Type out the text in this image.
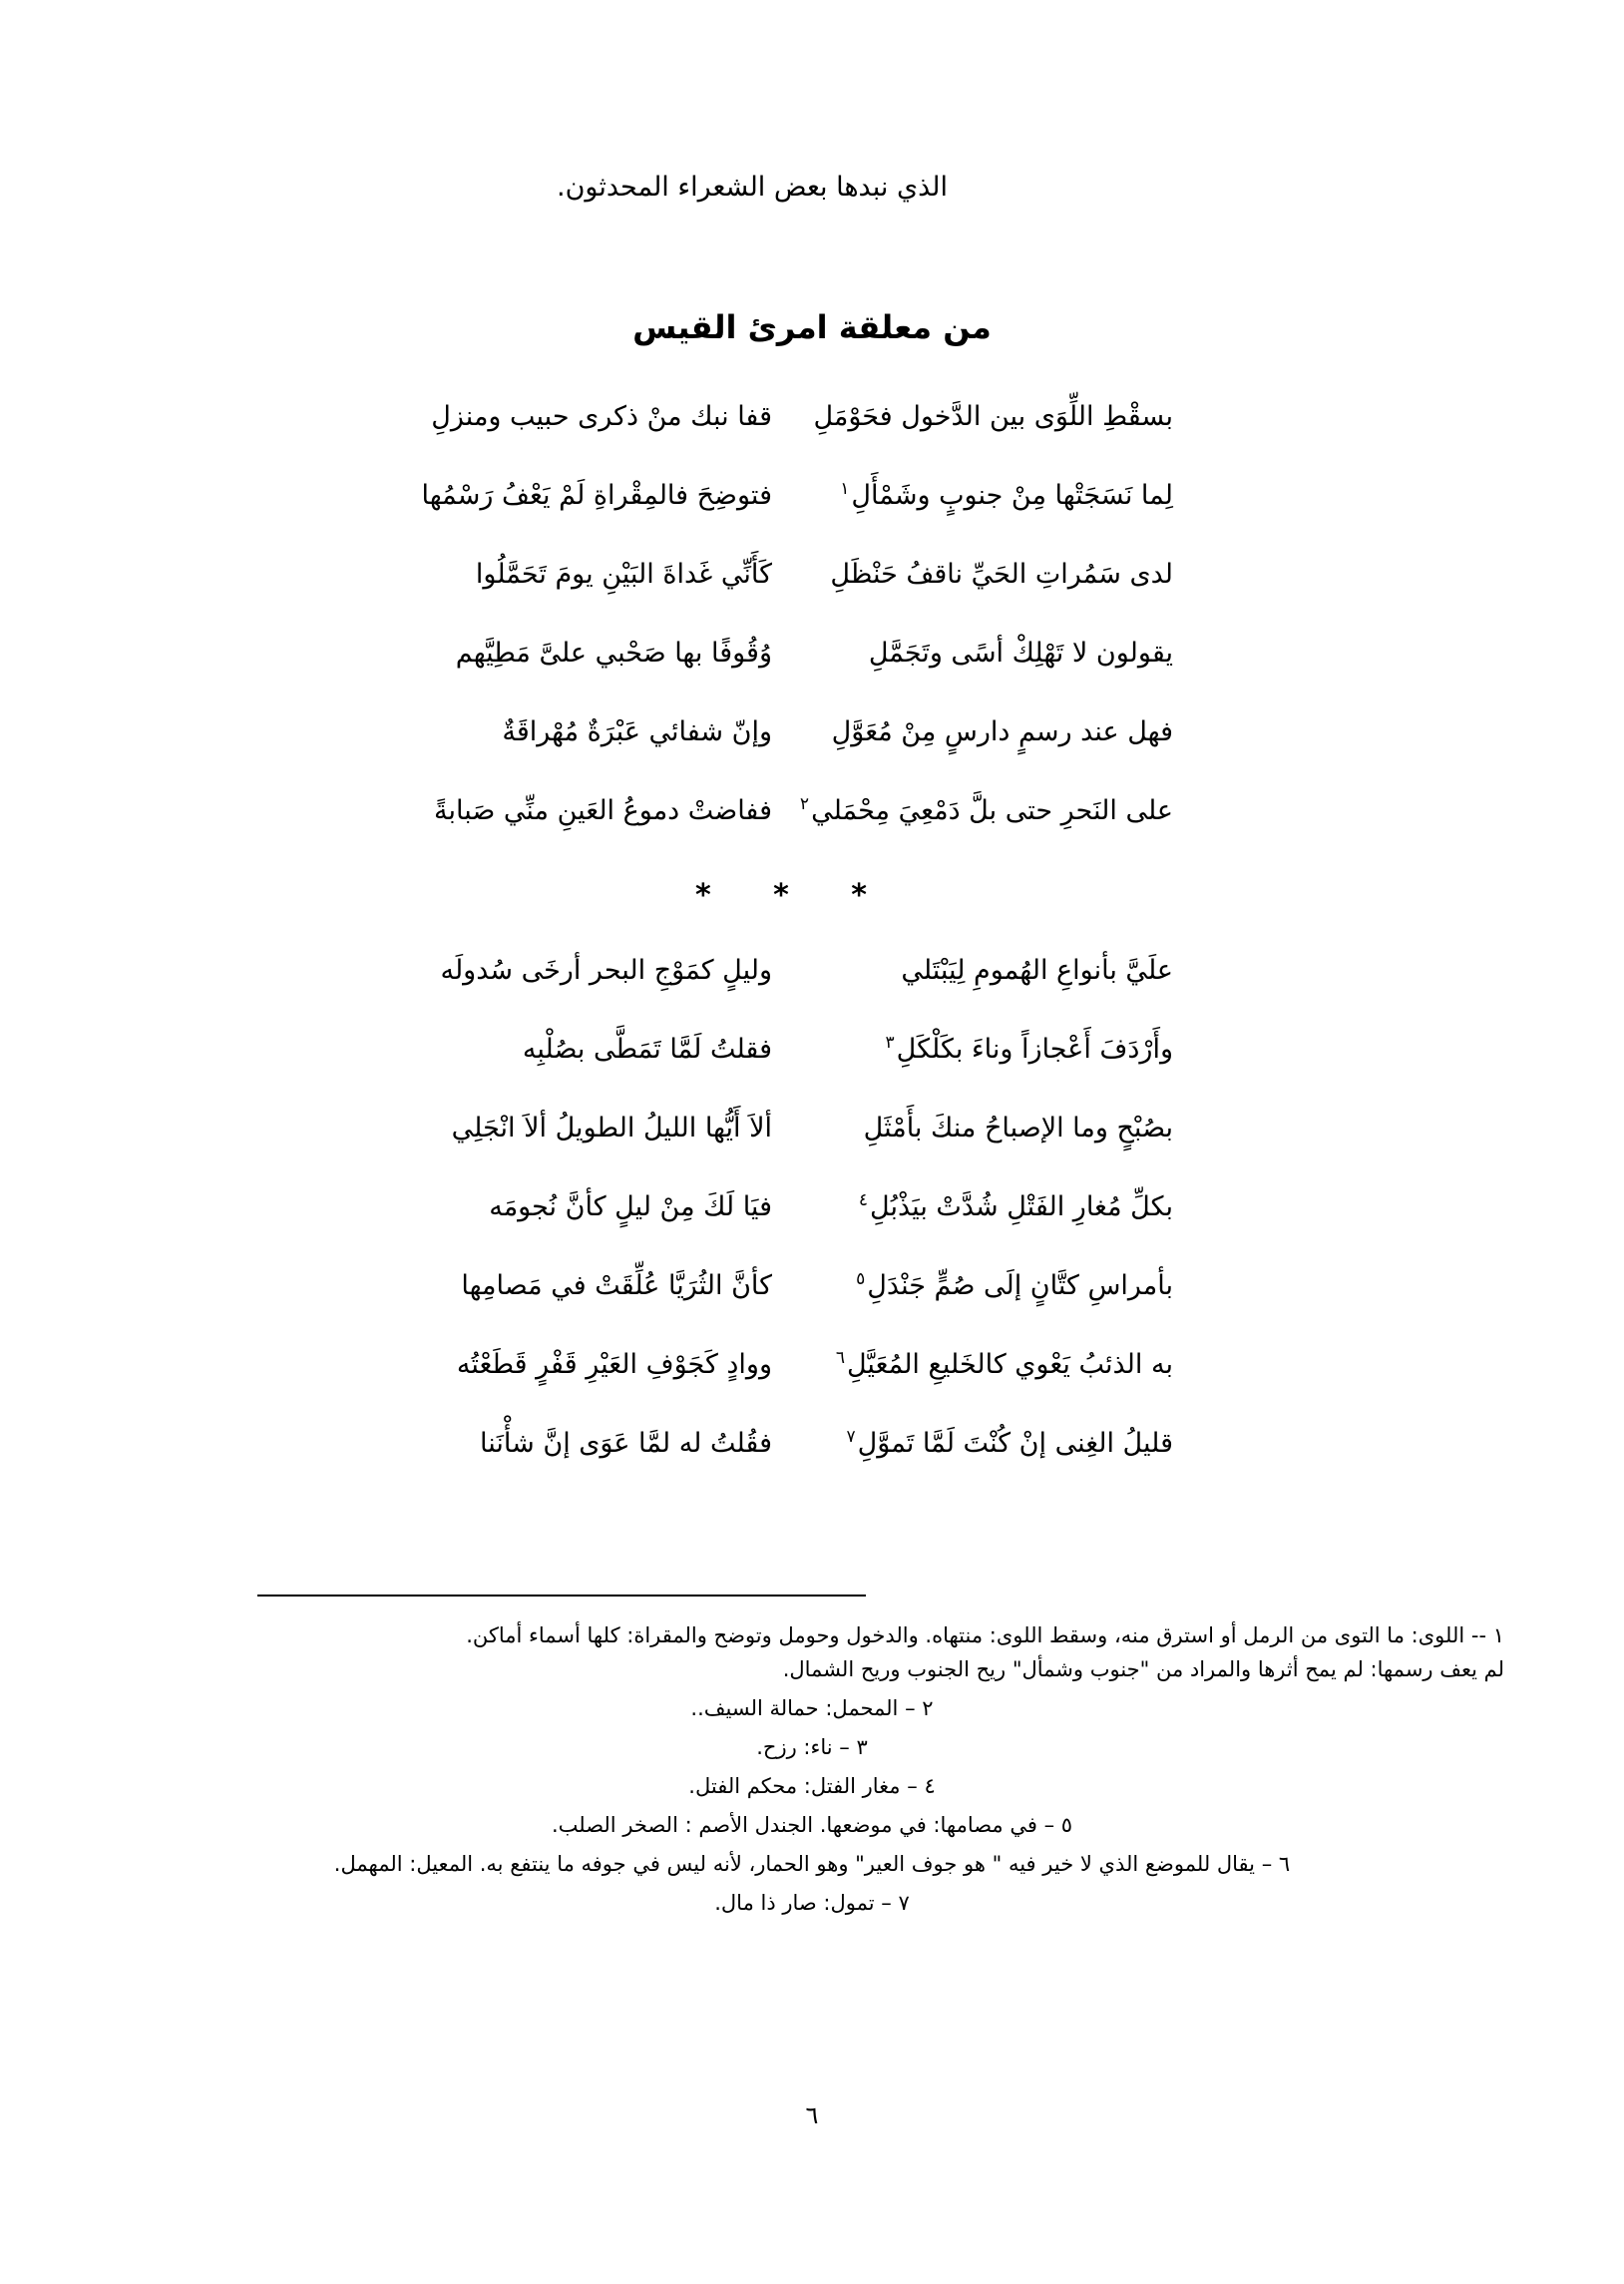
الذي نبدها بعض الشعراء المحدثون.
من معلقة امرئ القيس
بسقْطِ اللِّوَى بين الدَّخول فحَوْمَلِ
قفا نبك منْ ذكرى حبيب ومنزلِ
لِما نَسَجَتْها مِنْ جنوبٍ وشَمْأَلِ$^١$
فتوضِحَ فالمِقْراةِ لَمْ يَعْفُ رَسْمُها
لدى سَمُراتِ الحَيِّ ناقفُ حَنْظَلِ
كَأَنِّي غَداةَ البَيْنِ يومَ تَحَمَّلُوا
يقولون لا تَهْلِكْ أسًى وتَجَمَّلِ
وُقُوفًا بها صَحْبي علىَّ مَطِيَّهم
فهل عند رسمٍ دارسٍ مِنْ مُعَوَّلِ
وإنّ شفائي عَبْرَةٌ مُهْراقَةٌ
على النَحرِ حتى بلَّ دَمْعِيَ مِحْمَلي$^٢$
ففاضتْ دموعُ العَينِ منِّي صَبابةً
* * *
علَيَّ بأنواعِ الهُمومِ لِيَبْتَلي
وليلٍ كمَوْجِ البحر أرخَى سُدولَه
وأَرْدَفَ أَعْجازاً وناءَ بكَلْكَلِ$^٣$
فقلتُ لَمَّا تَمَطَّى بصُلْبِه
بصُبْحٍ وما الإصباحُ منكَ بأَمْثَلِ
ألاَ أَيُّها الليلُ الطويلُ ألاَ انْجَلِي
بكلِّ مُغارِ الفَتْلِ شُدَّتْ بيَذْبُلِ$^٤$
فيَا لَكَ مِنْ ليلٍ كأنَّ نُجومَه
بأمراسِ كتَّانٍ إلَى صُمٍّ جَنْدَلِ$^٥$
كأنَّ الثُرَيَّا عُلِّقَتْ في مَصامِها
به الذئبُ يَعْوي كالخَليعِ المُعَيَّلِ$^٦$
ووادٍ كَجَوْفِ العَيْرِ قَفْرٍ قَطَعْتُه
قليلُ الغِنى إنْ كُنْتَ لَمَّا تَموَّلِ$^٧$
فقُلتُ له لمَّا عَوَى إنَّ شأْنَنا
١ -- اللوى: ما التوى من الرمل أو استرق منه، وسقط اللوى: منتهاه. والدخول وحومل وتوضح والمقراة: كلها أسماء أماكن.
لم يعف رسمها: لم يمح أثرها والمراد من "جنوب وشمأل" ريح الجنوب وريح الشمال.
٢ – المحمل: حمالة السيف..
٣ – ناء: رزح.
٤ – مغار الفتل: محكم الفتل.
٥ – في مصامها: في موضعها. الجندل الأصم : الصخر الصلب.
٦ – يقال للموضع الذي لا خير فيه " هو جوف العير" وهو الحمار، لأنه ليس في جوفه ما ينتفع به. المعيل: المهمل.
٧ – تمول: صار ذا مال.
٦
